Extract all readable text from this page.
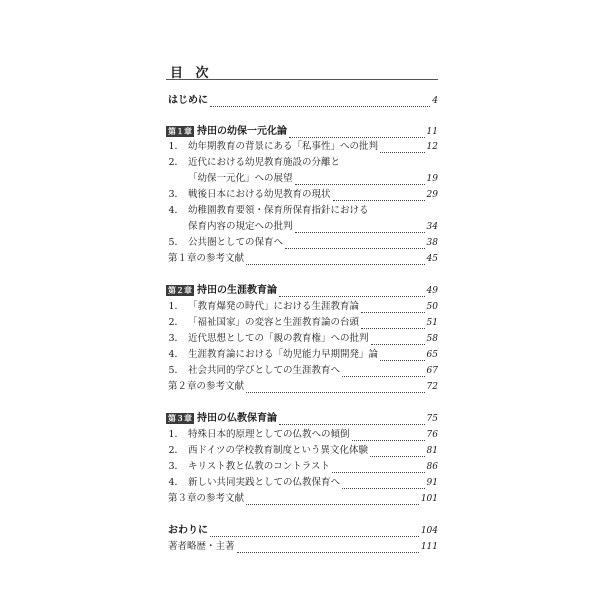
目 次
はじめに	4
第１章 持田の幼保一元化論	11
1． 幼年期教育の背景にある「私事性」への批判	12
2． 近代における幼児教育施設の分離と
「幼保一元化」への展望	19
3． 戦後日本における幼児教育の現状	29
4． 幼稚園教育要領・保育所保育指針における
保育内容の規定への批判	34
5． 公共圏としての保育へ	38
第１章の参考文献	45
第２章 持田の生涯教育論	49
1． 「教育爆発の時代」における生涯教育論	50
2． 「福祉国家」の変容と生涯教育論の台頭	51
3． 近代思想としての「親の教育権」への批判	58
4． 生涯教育論における「幼児能力早期開発」論	65
5． 社会共同的学びとしての生涯教育へ	67
第２章の参考文献	72
第３章 持田の仏教保育論	75
1． 特殊日本的原理としての仏教への傾倒	76
2． 西ドイツの学校教育制度という異文化体験	81
3． キリスト教と仏教のコントラスト	86
4． 新しい共同実践としての仏教保育へ	91
第３章の参考文献	101
おわりに	104
著者略歴・主著	111
